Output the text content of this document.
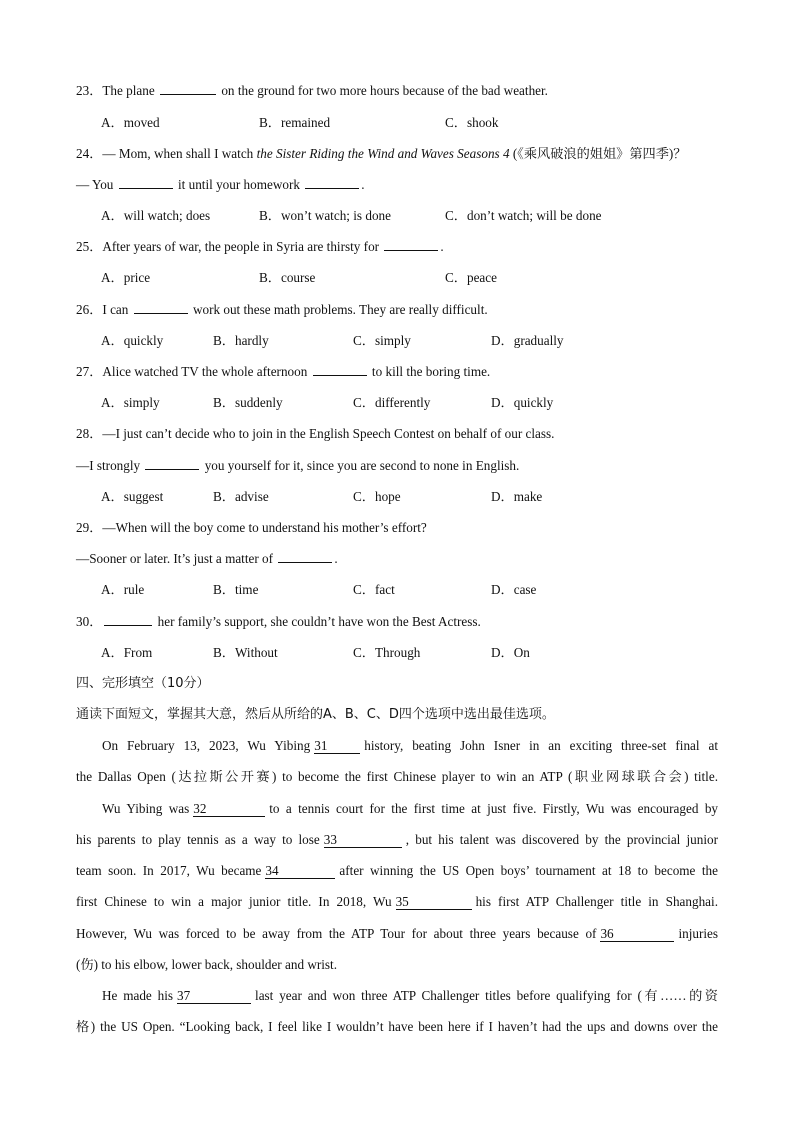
23．The plane	on the ground for two more hours because of the bad weather.
A．moved	B．remained	C．shook
24．— Mom, when shall I watch the Sister Riding the Wind and Waves Seasons 4 (《乘风破浪的姐姐》第四季)？
— You	it until your homework	.
A．will watch; does	B．won’t watch; is done	C．don’t watch; will be done
25．After years of war, the people in Syria are thirsty for	.
A．price	B．course	C．peace
26．I can	work out these math problems. They are really difficult.
A．quickly	B．hardly	C．simply	D．gradually
27．Alice watched TV the whole afternoon	to kill the boring time.
A．simply	B．suddenly	C．differently	D．quickly
28．—I just can’t decide who to join in the English Speech Contest on behalf of our class.
—I strongly	you yourself for it, since you are second to none in English.
A．suggest	B．advise	C．hope	D．make
29．—When will the boy come to understand his mother’s effort?
—Sooner or later. It’s just a matter of	.
A．rule	B．time	C．fact	D．case
30．	her family’s support, she couldn’t have won the Best Actress.
A．From	B．Without	C．Through	D．On
四、完形填空（10分）
通读下面短文，掌握其大意，然后从所给的A、B、C、D四个选项中选出最佳选项。
On February 13, 2023, Wu Yibing 31	history, beating John Isner in an exciting three-set final at
the Dallas Open (达拉斯公开赛) to become the first Chinese player to win an ATP (职业网球联合会) title.
Wu Yibing was 32	to a tennis court for the first time at just five. Firstly, Wu was encouraged by
his parents to play tennis as a way to lose 33	, but his talent was discovered by the provincial junior
team soon. In 2017, Wu became 34	after winning the US Open boys’ tournament at 18 to become the
first Chinese to win a major junior title. In 2018, Wu 35	his first ATP Challenger title in Shanghai.
However, Wu was forced to be away from the ATP Tour for about three years because of 36	injuries
(伤) to his elbow, lower back, shoulder and wrist.
He made his 37	last year and won three ATP Challenger titles before qualifying for (有……的资
格) the US Open. “Looking back, I feel like I wouldn’t have been here if I haven’t had the ups and downs over the
